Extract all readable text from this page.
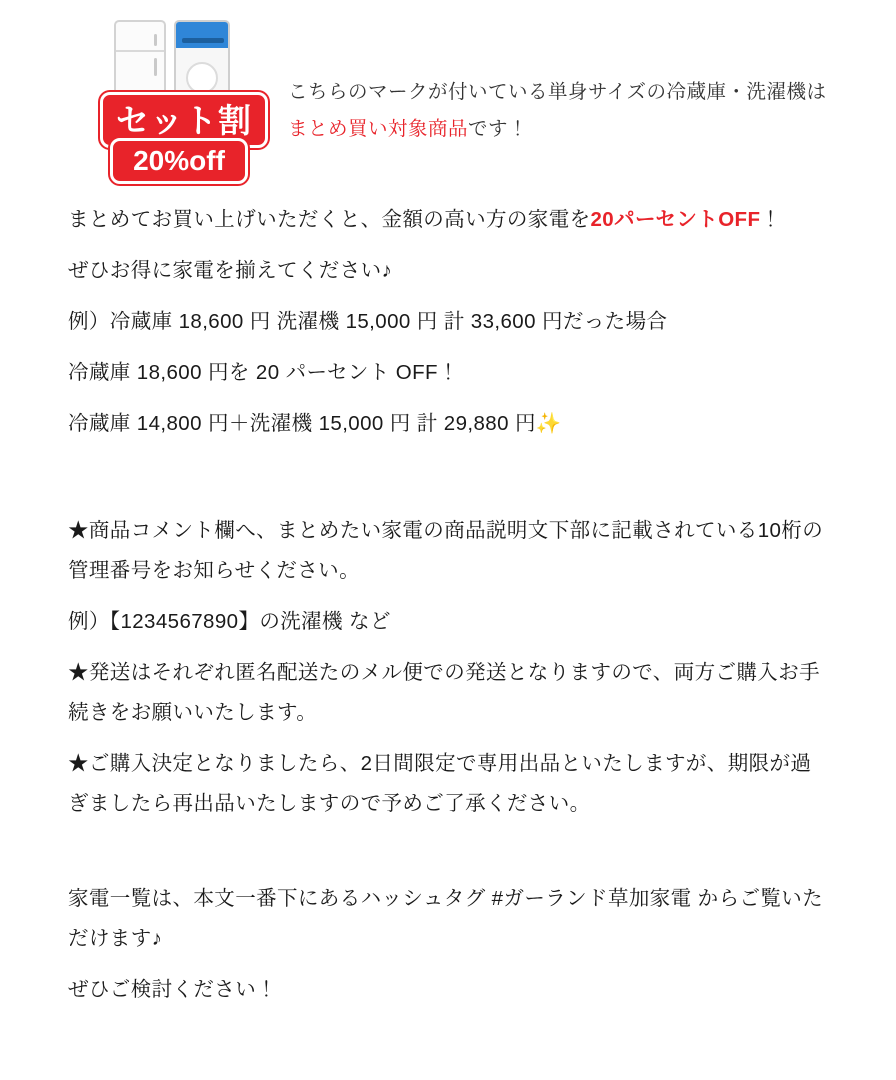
セット割
20%off
こちらのマークが付いている単身サイズの冷蔵庫・洗濯機は
まとめ買い対象商品です！
まとめてお買い上げいただくと、金額の高い方の家電を20パーセントOFF！
ぜひお得に家電を揃えてください♪
例）冷蔵庫 18,600 円 洗濯機 15,000 円 計 33,600 円だった場合
冷蔵庫 18,600 円を 20 パーセント OFF！
冷蔵庫 14,800 円＋洗濯機 15,000 円 計 29,880 円✨
★商品コメント欄へ、まとめたい家電の商品説明文下部に記載されている10桁の管理番号をお知らせください。
例）【1234567890】の洗濯機 など
★発送はそれぞれ匿名配送たのメル便での発送となりますので、両方ご購入お手続きをお願いいたします。
★ご購入決定となりましたら、2日間限定で専用出品といたしますが、期限が過ぎましたら再出品いたしますので予めご了承ください。
家電一覧は、本文一番下にあるハッシュタグ #ガーランド草加家電 からご覧いただけます♪
ぜひご検討ください！
